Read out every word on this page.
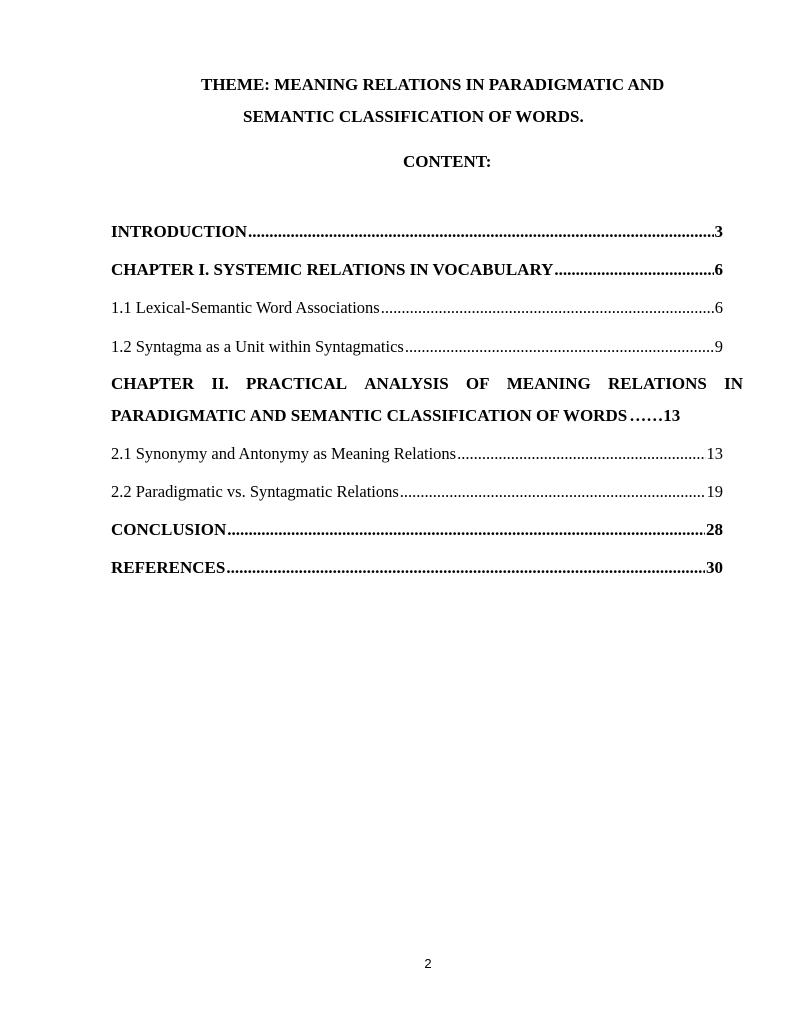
THEME: MEANING RELATIONS IN PARADIGMATIC AND
SEMANTIC CLASSIFICATION OF WORDS.
CONTENT:
INTRODUCTION .....	3
CHAPTER I. SYSTEMIC RELATIONS IN VOCABULARY .....	6
1.1 Lexical-Semantic Word Associations .....	6
1.2 Syntagma as a Unit within Syntagmatics .....	9
CHAPTER II. PRACTICAL ANALYSIS OF MEANING RELATIONS IN
PARADIGMATIC AND SEMANTIC CLASSIFICATION OF WORDS …… 13
2.1 Synonymy and Antonymy as Meaning Relations .....	13
2.2 Paradigmatic vs. Syntagmatic Relations .....	19
CONCLUSION .....	28
REFERENCES .....	30
2
